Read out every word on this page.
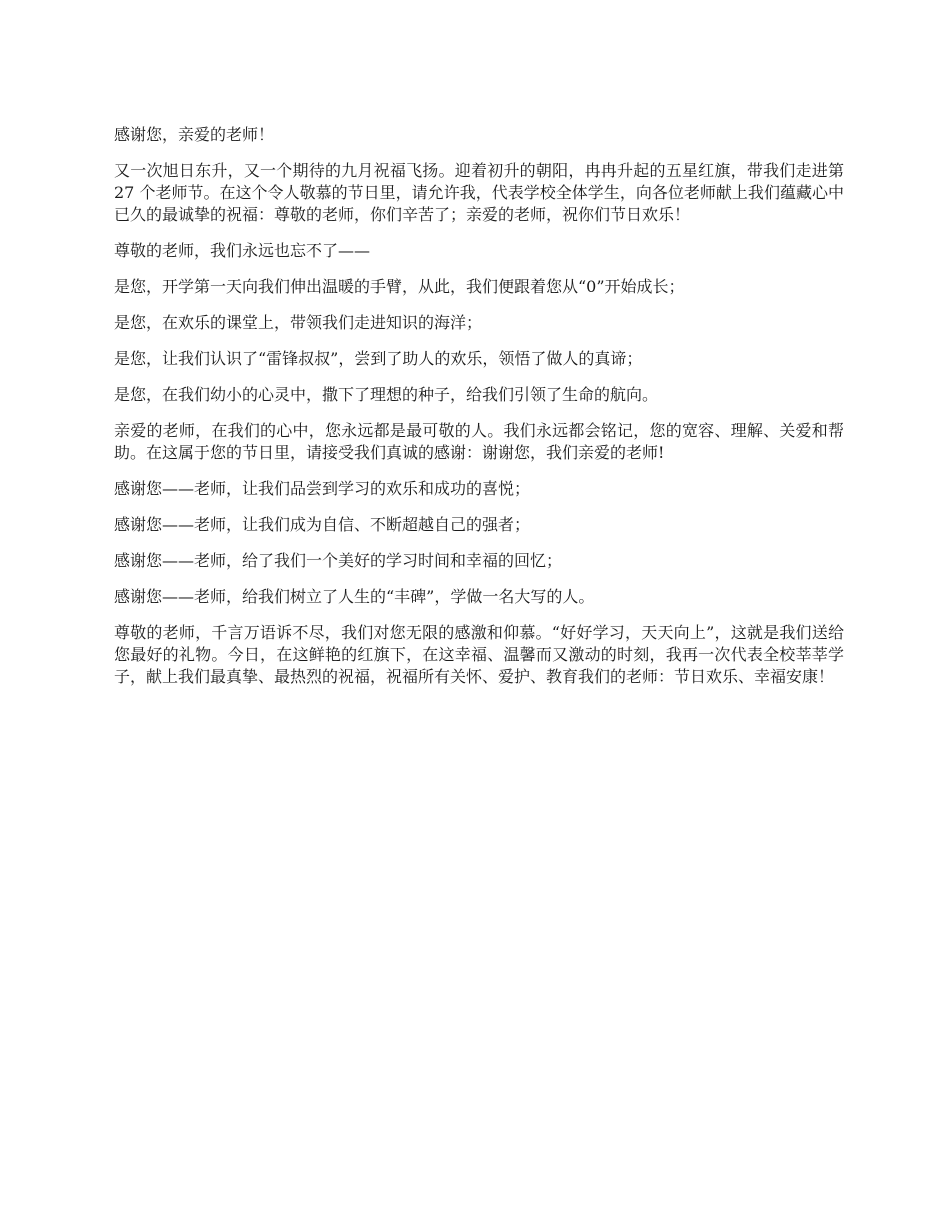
感谢您，亲爱的老师！

又一次旭日东升，又一个期待的九月祝福飞扬。迎着初升的朝阳，冉冉升起的五星红旗，带我们走进第 27 个老师节。在这个令人敬慕的节日里，请允许我，代表学校全体学生，向各位老师献上我们蕴藏心中已久的最诚挚的祝福：尊敬的老师，你们辛苦了；亲爱的老师，祝你们节日欢乐！

尊敬的老师，我们永远也忘不了——

是您，开学第一天向我们伸出温暖的手臂，从此，我们便跟着您从“0”开始成长；

是您，在欢乐的课堂上，带领我们走进知识的海洋；

是您，让我们认识了“雷锋叔叔”，尝到了助人的欢乐，领悟了做人的真谛；

是您，在我们幼小的心灵中，撒下了理想的种子，给我们引领了生命的航向。

亲爱的老师，在我们的心中，您永远都是最可敬的人。我们永远都会铭记，您的宽容、理解、关爱和帮助。在这属于您的节日里，请接受我们真诚的感谢：谢谢您，我们亲爱的老师!

感谢您——老师，让我们品尝到学习的欢乐和成功的喜悦；

感谢您——老师，让我们成为自信、不断超越自己的强者；

感谢您——老师，给了我们一个美好的学习时间和幸福的回忆；

感谢您——老师，给我们树立了人生的“丰碑”，学做一名大写的人。

尊敬的老师，千言万语诉不尽，我们对您无限的感激和仰慕。“好好学习，天天向上”，这就是我们送给您最好的礼物。今日，在这鲜艳的红旗下，在这幸福、温馨而又激动的时刻，我再一次代表全校莘莘学子，献上我们最真挚、最热烈的祝福，祝福所有关怀、爱护、教育我们的老师：节日欢乐、幸福安康！
